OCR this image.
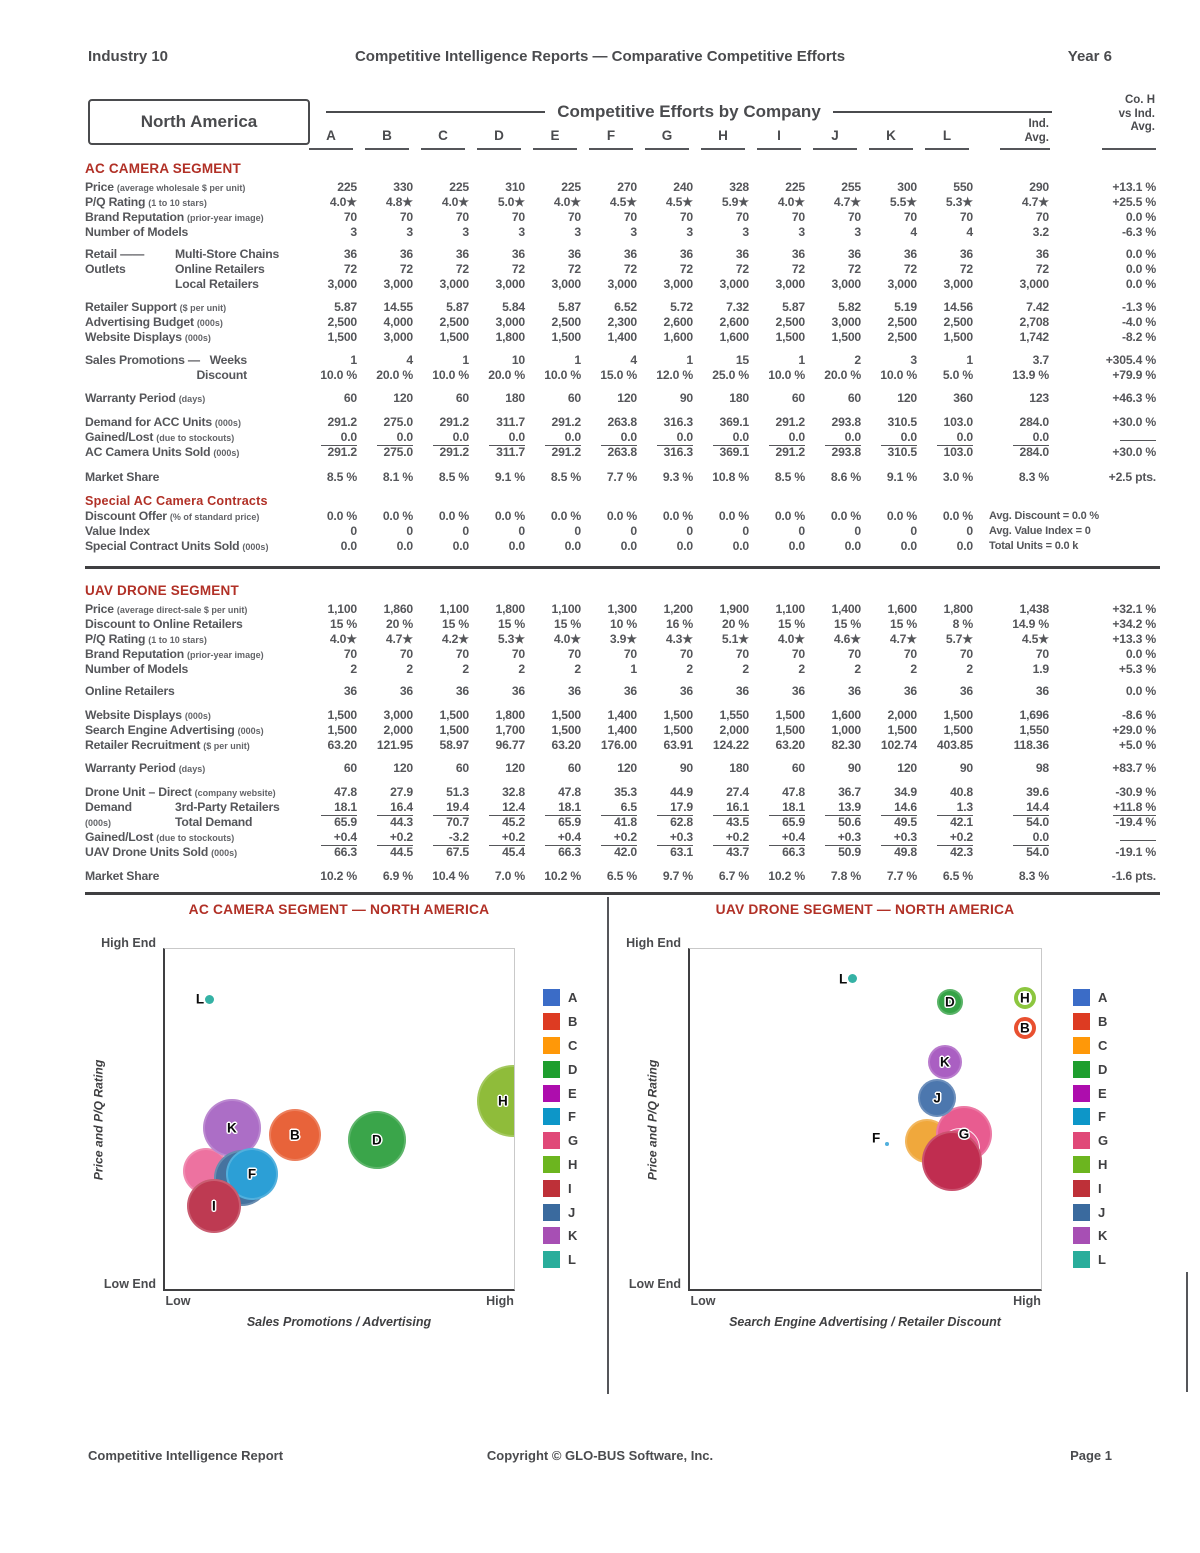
Industry 10	Competitive Intelligence Reports — Comparative Competitive Efforts	Year 6
North America
Competitive Efforts by Company
A	B	C	D	E	F	G	H	I	J	K	L
Ind.
Avg.
Co. H
vs Ind.
Avg.
AC CAMERA SEGMENT
Price (average wholesale $ per unit)	225	330	225	310	225	270	240	328	225	255	300	550	290	+13.1 %
P/Q Rating (1 to 10 stars)	4.0★	4.8★	4.0★	5.0★	4.0★	4.5★	4.5★	5.9★	4.0★	4.7★	5.5★	5.3★	4.7★	+25.5 %
Brand Reputation (prior-year image)	70	70	70	70	70	70	70	70	70	70	70	70	70	0.0 %
Number of Models	3	3	3	3	3	3	3	3	3	3	4	4	3.2	-6.3 %
Retail ——	Multi-Store Chains	36	36	36	36	36	36	36	36	36	36	36	36	36	0.0 %
Outlets	Online Retailers	72	72	72	72	72	72	72	72	72	72	72	72	72	0.0 %
Local Retailers	3,000	3,000	3,000	3,000	3,000	3,000	3,000	3,000	3,000	3,000	3,000	3,000	3,000	0.0 %
Retailer Support ($ per unit)	5.87	14.55	5.87	5.84	5.87	6.52	5.72	7.32	5.87	5.82	5.19	14.56	7.42	-1.3 %
Advertising Budget (000s)	2,500	4,000	2,500	3,000	2,500	2,300	2,600	2,600	2,500	3,000	2,500	2,500	2,708	-4.0 %
Website Displays (000s)	1,500	3,000	1,500	1,800	1,500	1,400	1,600	1,600	1,500	1,500	2,500	1,500	1,742	-8.2 %
Sales Promotions — Weeks	1	4	1	10	1	4	1	15	1	2	3	1	3.7	+305.4 %
Discount	10.0 %	20.0 %	10.0 %	20.0 %	10.0 %	15.0 %	12.0 %	25.0 %	10.0 %	20.0 %	10.0 %	5.0 %	13.9 %	+79.9 %
Warranty Period (days)	60	120	60	180	60	120	90	180	60	60	120	360	123	+46.3 %
Demand for ACC Units (000s)	291.2	275.0	291.2	311.7	291.2	263.8	316.3	369.1	291.2	293.8	310.5	103.0	284.0	+30.0 %
Gained/Lost (due to stockouts)	0.0	0.0	0.0	0.0	0.0	0.0	0.0	0.0	0.0	0.0	0.0	0.0	0.0
AC Camera Units Sold (000s)	291.2	275.0	291.2	311.7	291.2	263.8	316.3	369.1	291.2	293.8	310.5	103.0	284.0	+30.0 %
Market Share	8.5 %	8.1 %	8.5 %	9.1 %	8.5 %	7.7 %	9.3 %	10.8 %	8.5 %	8.6 %	9.1 %	3.0 %	8.3 %	+2.5 pts.
Special AC Camera Contracts
Discount Offer (% of standard price)	0.0 %	0.0 %	0.0 %	0.0 %	0.0 %	0.0 %	0.0 %	0.0 %	0.0 %	0.0 %	0.0 %	0.0 %	Avg. Discount = 0.0 %
Value Index	0	0	0	0	0	0	0	0	0	0	0	0	Avg. Value Index = 0
Special Contract Units Sold (000s)	0.0	0.0	0.0	0.0	0.0	0.0	0.0	0.0	0.0	0.0	0.0	0.0	Total Units = 0.0 k
UAV DRONE SEGMENT
Price (average direct-sale $ per unit)	1,100	1,860	1,100	1,800	1,100	1,300	1,200	1,900	1,100	1,400	1,600	1,800	1,438	+32.1 %
Discount to Online Retailers	15 %	20 %	15 %	15 %	15 %	10 %	16 %	20 %	15 %	15 %	15 %	8 %	14.9 %	+34.2 %
P/Q Rating (1 to 10 stars)	4.0★	4.7★	4.2★	5.3★	4.0★	3.9★	4.3★	5.1★	4.0★	4.6★	4.7★	5.7★	4.5★	+13.3 %
Brand Reputation (prior-year image)	70	70	70	70	70	70	70	70	70	70	70	70	70	0.0 %
Number of Models	2	2	2	2	2	1	2	2	2	2	2	2	1.9	+5.3 %
Online Retailers	36	36	36	36	36	36	36	36	36	36	36	36	36	0.0 %
Website Displays (000s)	1,500	3,000	1,500	1,800	1,500	1,400	1,500	1,550	1,500	1,600	2,000	1,500	1,696	-8.6 %
Search Engine Advertising (000s)	1,500	2,000	1,500	1,700	1,500	1,400	1,500	2,000	1,500	1,000	1,500	1,500	1,550	+29.0 %
Retailer Recruitment ($ per unit)	63.20	121.95	58.97	96.77	63.20	176.00	63.91	124.22	63.20	82.30	102.74	403.85	118.36	+5.0 %
Warranty Period (days)	60	120	60	120	60	120	90	180	60	90	120	90	98	+83.7 %
Drone Unit – Direct (company website)	47.8	27.9	51.3	32.8	47.8	35.3	44.9	27.4	47.8	36.7	34.9	40.8	39.6	-30.9 %
Demand	3rd-Party Retailers	18.1	16.4	19.4	12.4	18.1	6.5	17.9	16.1	18.1	13.9	14.6	1.3	14.4	+11.8 %
(000s)	Total Demand	65.9	44.3	70.7	45.2	65.9	41.8	62.8	43.5	65.9	50.6	49.5	42.1	54.0	-19.4 %
Gained/Lost (due to stockouts)	+0.4	+0.2	-3.2	+0.2	+0.4	+0.2	+0.3	+0.2	+0.4	+0.3	+0.3	+0.2	0.0
UAV Drone Units Sold (000s)	66.3	44.5	67.5	45.4	66.3	42.0	63.1	43.7	66.3	50.9	49.8	42.3	54.0	-19.1 %
Market Share	10.2 %	6.9 %	10.4 %	7.0 %	10.2 %	6.5 %	9.7 %	6.7 %	10.2 %	7.8 %	7.7 %	6.5 %	8.3 %	-1.6 pts.
AC CAMERA SEGMENT — NORTH AMERICA
High End
Low End
Low	High
Sales Promotions / Advertising
Price and P/Q Rating	K	B	D
H
F
I
L	A
B
C
D
E
F
G
H
I
J
K
L
UAV DRONE SEGMENT — NORTH AMERICA
High End
Low End
Low	High
Search Engine Advertising / Retailer Discount
Price and P/Q Rating	G
K
J
D	H
B
L
F
A
B
C
D
E
F
G
H
I
J
K
L
Competitive Intelligence Report	Copyright © GLO-BUS Software, Inc.	Page 1
